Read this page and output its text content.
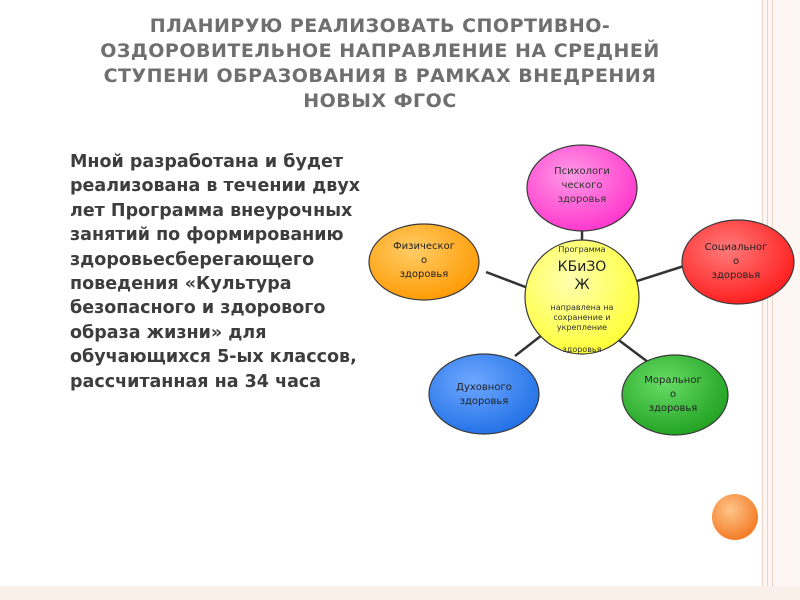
ПЛАНИРУЮ РЕАЛИЗОВАТЬ СПОРТИВНО-ОЗДОРОВИТЕЛЬНОЕ НАПРАВЛЕНИЕ НА СРЕДНЕЙ СТУПЕНИ ОБРАЗОВАНИЯ В РАМКАХ ВНЕДРЕНИЯ НОВЫХ ФГОС

Мной разработана и будет реализована в течении двух лет Программа внеурочных занятий по формированию здоровьесберегающего поведения «Культура безопасного и здорового образа жизни» для обучающихся 5-ых классов, рассчитанная на 34 часа

Программа
КБиЗО
Ж
направлена на
сохранение и
укрепление
здоровья
Психологи
ческого
здоровья
Социальног
о
здоровья
Моральног
о
здоровья
Духовного
здоровья
Физическог
о
здоровья
